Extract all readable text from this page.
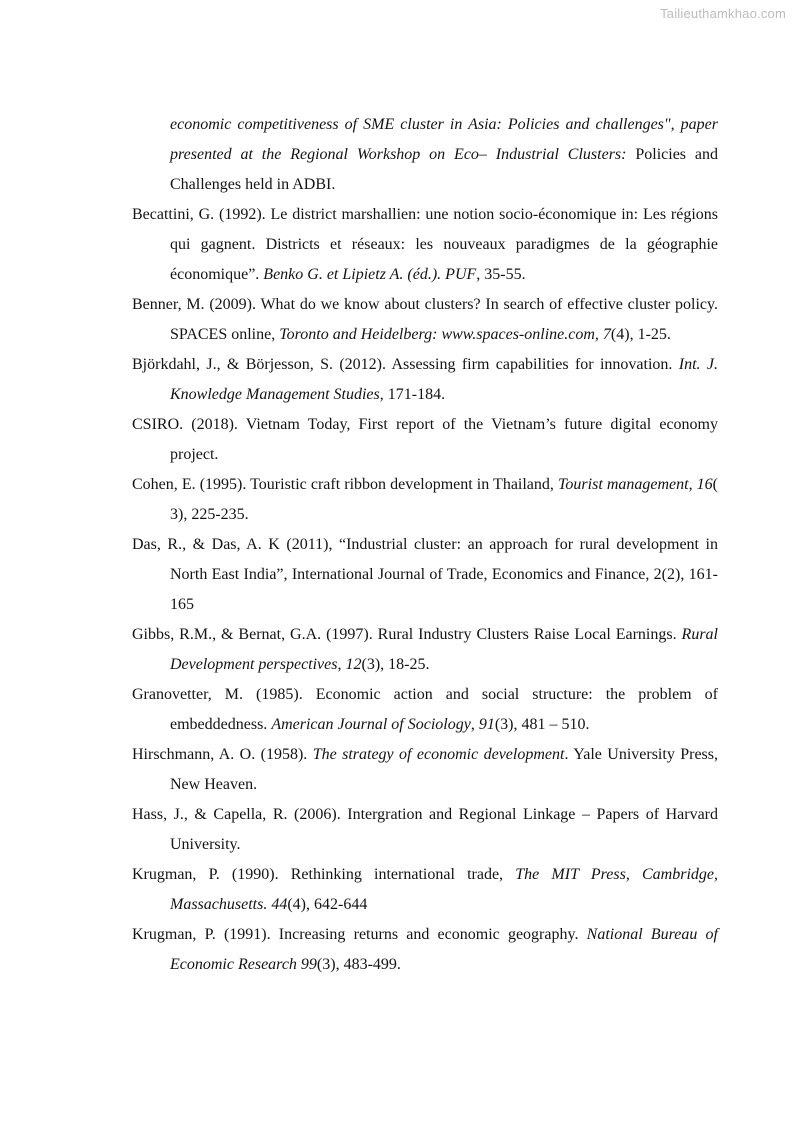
Tailieuthamkhao.com
economic competitiveness of SME cluster in Asia: Policies and challenges", paper presented at the Regional Workshop on Eco– Industrial Clusters: Policies and Challenges held in ADBI.
Becattini, G. (1992). Le district marshallien: une notion socio-économique in: Les régions qui gagnent. Districts et réseaux: les nouveaux paradigmes de la géographie économique”. Benko G. et Lipietz A. (éd.). PUF, 35-55.
Benner, M. (2009). What do we know about clusters? In search of effective cluster policy. SPACES online, Toronto and Heidelberg: www.spaces-online.com, 7(4), 1-25.
Björkdahl, J., & Börjesson, S. (2012). Assessing firm capabilities for innovation. Int. J. Knowledge Management Studies, 171-184.
CSIRO. (2018). Vietnam Today, First report of the Vietnam’s future digital economy project.
Cohen, E. (1995). Touristic craft ribbon development in Thailand, Tourist management, 16( 3), 225-235.
Das, R., & Das, A. K (2011), “Industrial cluster: an approach for rural development in North East India”, International Journal of Trade, Economics and Finance, 2(2), 161-165
Gibbs, R.M., & Bernat, G.A. (1997). Rural Industry Clusters Raise Local Earnings. Rural Development perspectives, 12(3), 18-25.
Granovetter, M. (1985). Economic action and social structure: the problem of embeddedness. American Journal of Sociology, 91(3), 481 – 510.
Hirschmann, A. O. (1958). The strategy of economic development. Yale University Press, New Heaven.
Hass, J., & Capella, R. (2006). Intergration and Regional Linkage – Papers of Harvard University.
Krugman, P. (1990). Rethinking international trade, The MIT Press, Cambridge, Massachusetts. 44(4), 642-644
Krugman, P. (1991). Increasing returns and economic geography. National Bureau of Economic Research 99(3), 483-499.
